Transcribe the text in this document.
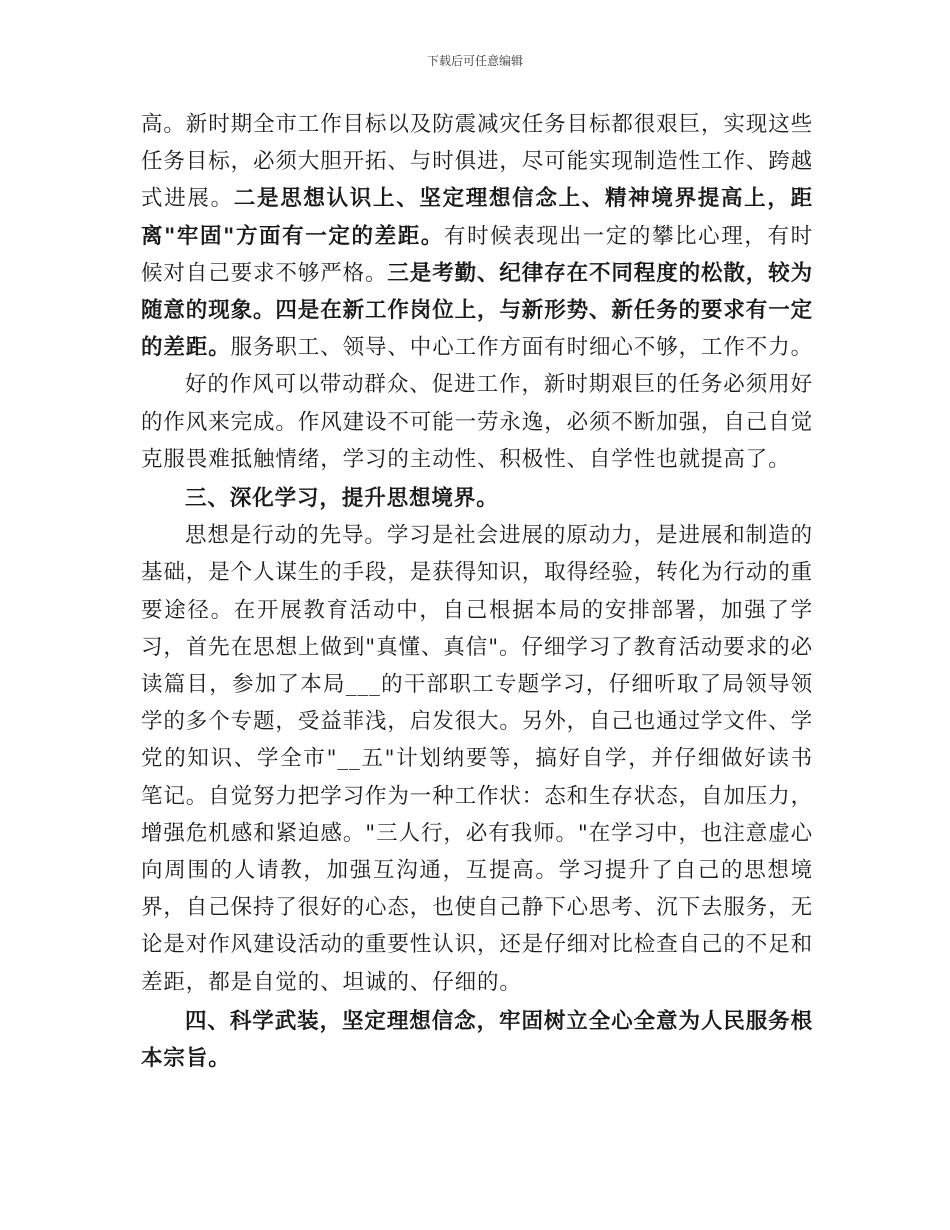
下载后可任意编辑

高。新时期全市工作目标以及防震减灾任务目标都很艰巨，实现这些任务目标，必须大胆开拓、与时俱进，尽可能实现制造性工作、跨越式进展。二是思想认识上、坚定理想信念上、精神境界提高上，距离"牢固"方面有一定的差距。有时候表现出一定的攀比心理，有时候对自己要求不够严格。三是考勤、纪律存在不同程度的松散，较为随意的现象。四是在新工作岗位上，与新形势、新任务的要求有一定的差距。服务职工、领导、中心工作方面有时细心不够，工作不力。

好的作风可以带动群众、促进工作，新时期艰巨的任务必须用好的作风来完成。作风建设不可能一劳永逸，必须不断加强，自己自觉克服畏难抵触情绪，学习的主动性、积极性、自学性也就提高了。

三、深化学习，提升思想境界。

思想是行动的先导。学习是社会进展的原动力，是进展和制造的基础，是个人谋生的手段，是获得知识，取得经验，转化为行动的重要途径。在开展教育活动中，自己根据本局的安排部署，加强了学习，首先在思想上做到"真懂、真信"。仔细学习了教育活动要求的必读篇目，参加了本局___的干部职工专题学习，仔细听取了局领导领学的多个专题，受益菲浅，启发很大。另外，自己也通过学文件、学党的知识、学全市"__五"计划纳要等，搞好自学，并仔细做好读书笔记。自觉努力把学习作为一种工作状：态和生存状态，自加压力，增强危机感和紧迫感。"三人行，必有我师。"在学习中，也注意虚心向周围的人请教，加强互沟通，互提高。学习提升了自己的思想境界，自己保持了很好的心态，也使自己静下心思考、沉下去服务，无论是对作风建设活动的重要性认识，还是仔细对比检查自己的不足和差距，都是自觉的、坦诚的、仔细的。

四、科学武装，坚定理想信念，牢固树立全心全意为人民服务根本宗旨。
